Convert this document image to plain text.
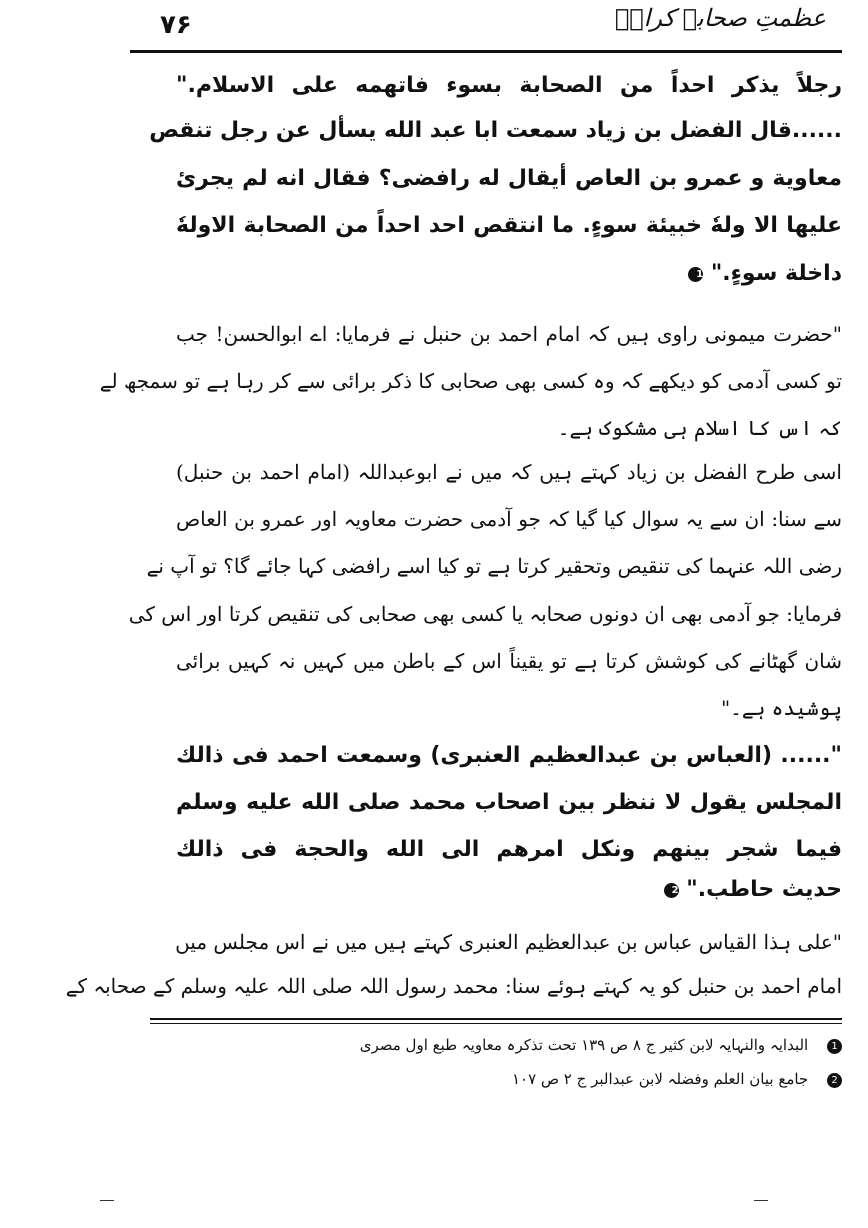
عظمتِ صحابہ کرامؓ
۷۶
رجلاً يذكر احداً من الصحابة بسوء فاتهمه على الاسلام."
......قال الفضل بن زياد سمعت ابا عبد الله يسأل عن رجل تنقص
معاوية و عمرو بن العاص أيقال له رافضى؟ فقال انه لم يجرئ
عليها الا ولهٗ خبيئة سوءٍ. ما انتقص احد احداً من الصحابة الاولهٗ
داخلة سوءٍ." 1
"حضرت میمونی راوی ہیں کہ امام احمد بن حنبل نے فرمایا: اے ابوالحسن! جب
تو کسی آدمی کو دیکھے کہ وہ کسی بھی صحابی کا ذکر برائی سے کر رہا ہے تو سمجھ لے
کہ اس کا اسلام ہی مشکوک ہے۔
اسی طرح الفضل بن زیاد کہتے ہیں کہ میں نے ابوعبداللہ (امام احمد بن حنبل)
سے سنا: ان سے یہ سوال کیا گیا کہ جو آدمی حضرت معاویہ اور عمرو بن العاص
رضی اللہ عنہما کی تنقیص وتحقیر کرتا ہے تو کیا اسے رافضی کہا جائے گا؟ تو آپ نے
فرمایا: جو آدمی بھی ان دونوں صحابہ یا کسی بھی صحابی کی تنقیص کرتا اور اس کی
شان گھٹانے کی کوشش کرتا ہے تو یقیناً اس کے باطن میں کہیں نہ کہیں برائی
پوشیدہ ہے۔"
"...... (العباس بن عبدالعظيم العنبرى) وسمعت احمد فى ذالك
المجلس يقول لا ننظر بين اصحاب محمد صلى الله عليه وسلم
فيما شجر بينهم ونكل امرهم الى الله والحجة فى ذالك
حديث حاطب." 2
"علی ہذا القیاس عباس بن عبدالعظیم العنبری کہتے ہیں میں نے اس مجلس میں
امام احمد بن حنبل کو یہ کہتے ہوئے سنا: محمد رسول اللہ صلی اللہ علیہ وسلم کے صحابہ کے
1 البدایہ والنہایہ لابن کثیر ج ۸ ص ۱۳۹ تحت تذکرہ معاویہ طبع اول مصری
2 جامع بیان العلم وفضلہ لابن عبدالبر ج ۲ ص ۱۰۷
